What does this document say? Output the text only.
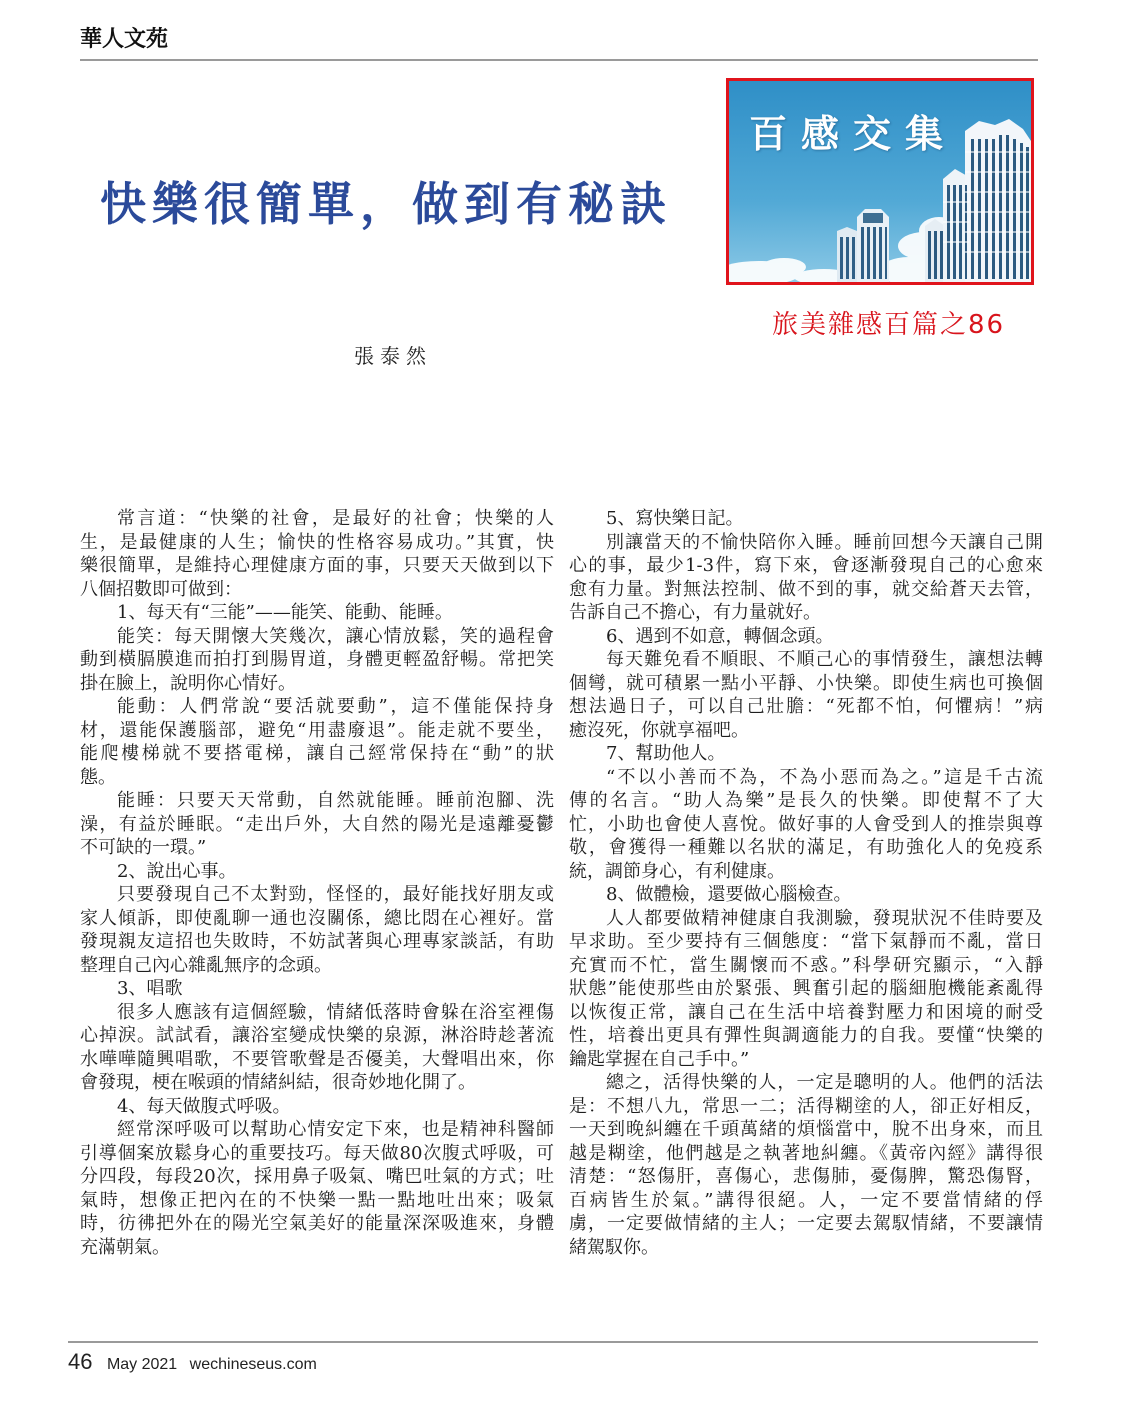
華人文苑
快樂很簡單，做到有秘訣
百感交集
旅美雜感百篇之86
張泰然
常言道：“快樂的社會，是最好的社會；快樂的人
生，是最健康的人生；愉快的性格容易成功。”其實，快
樂很簡單，是維持心理健康方面的事，只要天天做到以下
八個招數即可做到：
1、每天有“三能”——能笑、能動、能睡。
能笑：每天開懷大笑幾次，讓心情放鬆，笑的過程會
動到橫膈膜進而拍打到腸胃道，身體更輕盈舒暢。常把笑
掛在臉上，說明你心情好。
能動：人們常說“要活就要動”，這不僅能保持身
材，還能保護腦部，避免“用盡廢退”。能走就不要坐，
能爬樓梯就不要搭電梯，讓自己經常保持在“動”的狀
態。
能睡：只要天天常動，自然就能睡。睡前泡腳、洗
澡，有益於睡眠。“走出戶外，大自然的陽光是遠離憂鬱
不可缺的一環。”
2、說出心事。
只要發現自己不太對勁，怪怪的，最好能找好朋友或
家人傾訴，即使亂聊一通也沒關係，總比悶在心裡好。當
發現親友這招也失敗時，不妨試著與心理專家談話，有助
整理自己內心雜亂無序的念頭。
3、唱歌
很多人應該有這個經驗，情緒低落時會躲在浴室裡傷
心掉淚。試試看，讓浴室變成快樂的泉源，淋浴時趁著流
水嘩嘩隨興唱歌，不要管歌聲是否優美，大聲唱出來，你
會發現，梗在喉頭的情緒糾結，很奇妙地化開了。
4、每天做腹式呼吸。
經常深呼吸可以幫助心情安定下來，也是精神科醫師
引導個案放鬆身心的重要技巧。每天做80次腹式呼吸，可
分四段，每段20次，採用鼻子吸氣、嘴巴吐氣的方式；吐
氣時，想像正把內在的不快樂一點一點地吐出來；吸氣
時，彷彿把外在的陽光空氣美好的能量深深吸進來，身體
充滿朝氣。
5、寫快樂日記。
別讓當天的不愉快陪你入睡。睡前回想今天讓自己開
心的事，最少1-3件，寫下來，會逐漸發現自己的心愈來
愈有力量。對無法控制、做不到的事，就交給蒼天去管，
告訴自己不擔心，有力量就好。
6、遇到不如意，轉個念頭。
每天難免看不順眼、不順己心的事情發生，讓想法轉
個彎，就可積累一點小平靜、小快樂。即使生病也可換個
想法過日子，可以自己壯膽：“死都不怕，何懼病！”病
癒沒死，你就享福吧。
7、幫助他人。
“不以小善而不為，不為小惡而為之。”這是千古流
傳的名言。“助人為樂”是長久的快樂。即使幫不了大
忙，小助也會使人喜悅。做好事的人會受到人的推崇與尊
敬，會獲得一種難以名狀的滿足，有助強化人的免疫系
統，調節身心，有利健康。
8、做體檢，還要做心腦檢查。
人人都要做精神健康自我測驗，發現狀況不佳時要及
早求助。至少要持有三個態度：“當下氣靜而不亂，當日
充實而不忙，當生關懷而不惑。”科學研究顯示，“入靜
狀態”能使那些由於緊張、興奮引起的腦細胞機能紊亂得
以恢復正常，讓自己在生活中培養對壓力和困境的耐受
性，培養出更具有彈性與調適能力的自我。要懂“快樂的
鑰匙掌握在自己手中。”
總之，活得快樂的人，一定是聰明的人。他們的活法
是：不想八九，常思一二；活得糊塗的人，卻正好相反，
一天到晚糾纏在千頭萬緒的煩惱當中，脫不出身來，而且
越是糊塗，他們越是之執著地糾纏。《黃帝內經》講得很
清楚：“怒傷肝，喜傷心，悲傷肺，憂傷脾，驚恐傷腎，
百病皆生於氣。”講得很絕。人，一定不要當情緒的俘
虜，一定要做情緒的主人；一定要去駕馭情緒，不要讓情
緒駕馭你。
46 May 2021 wechineseus.com
